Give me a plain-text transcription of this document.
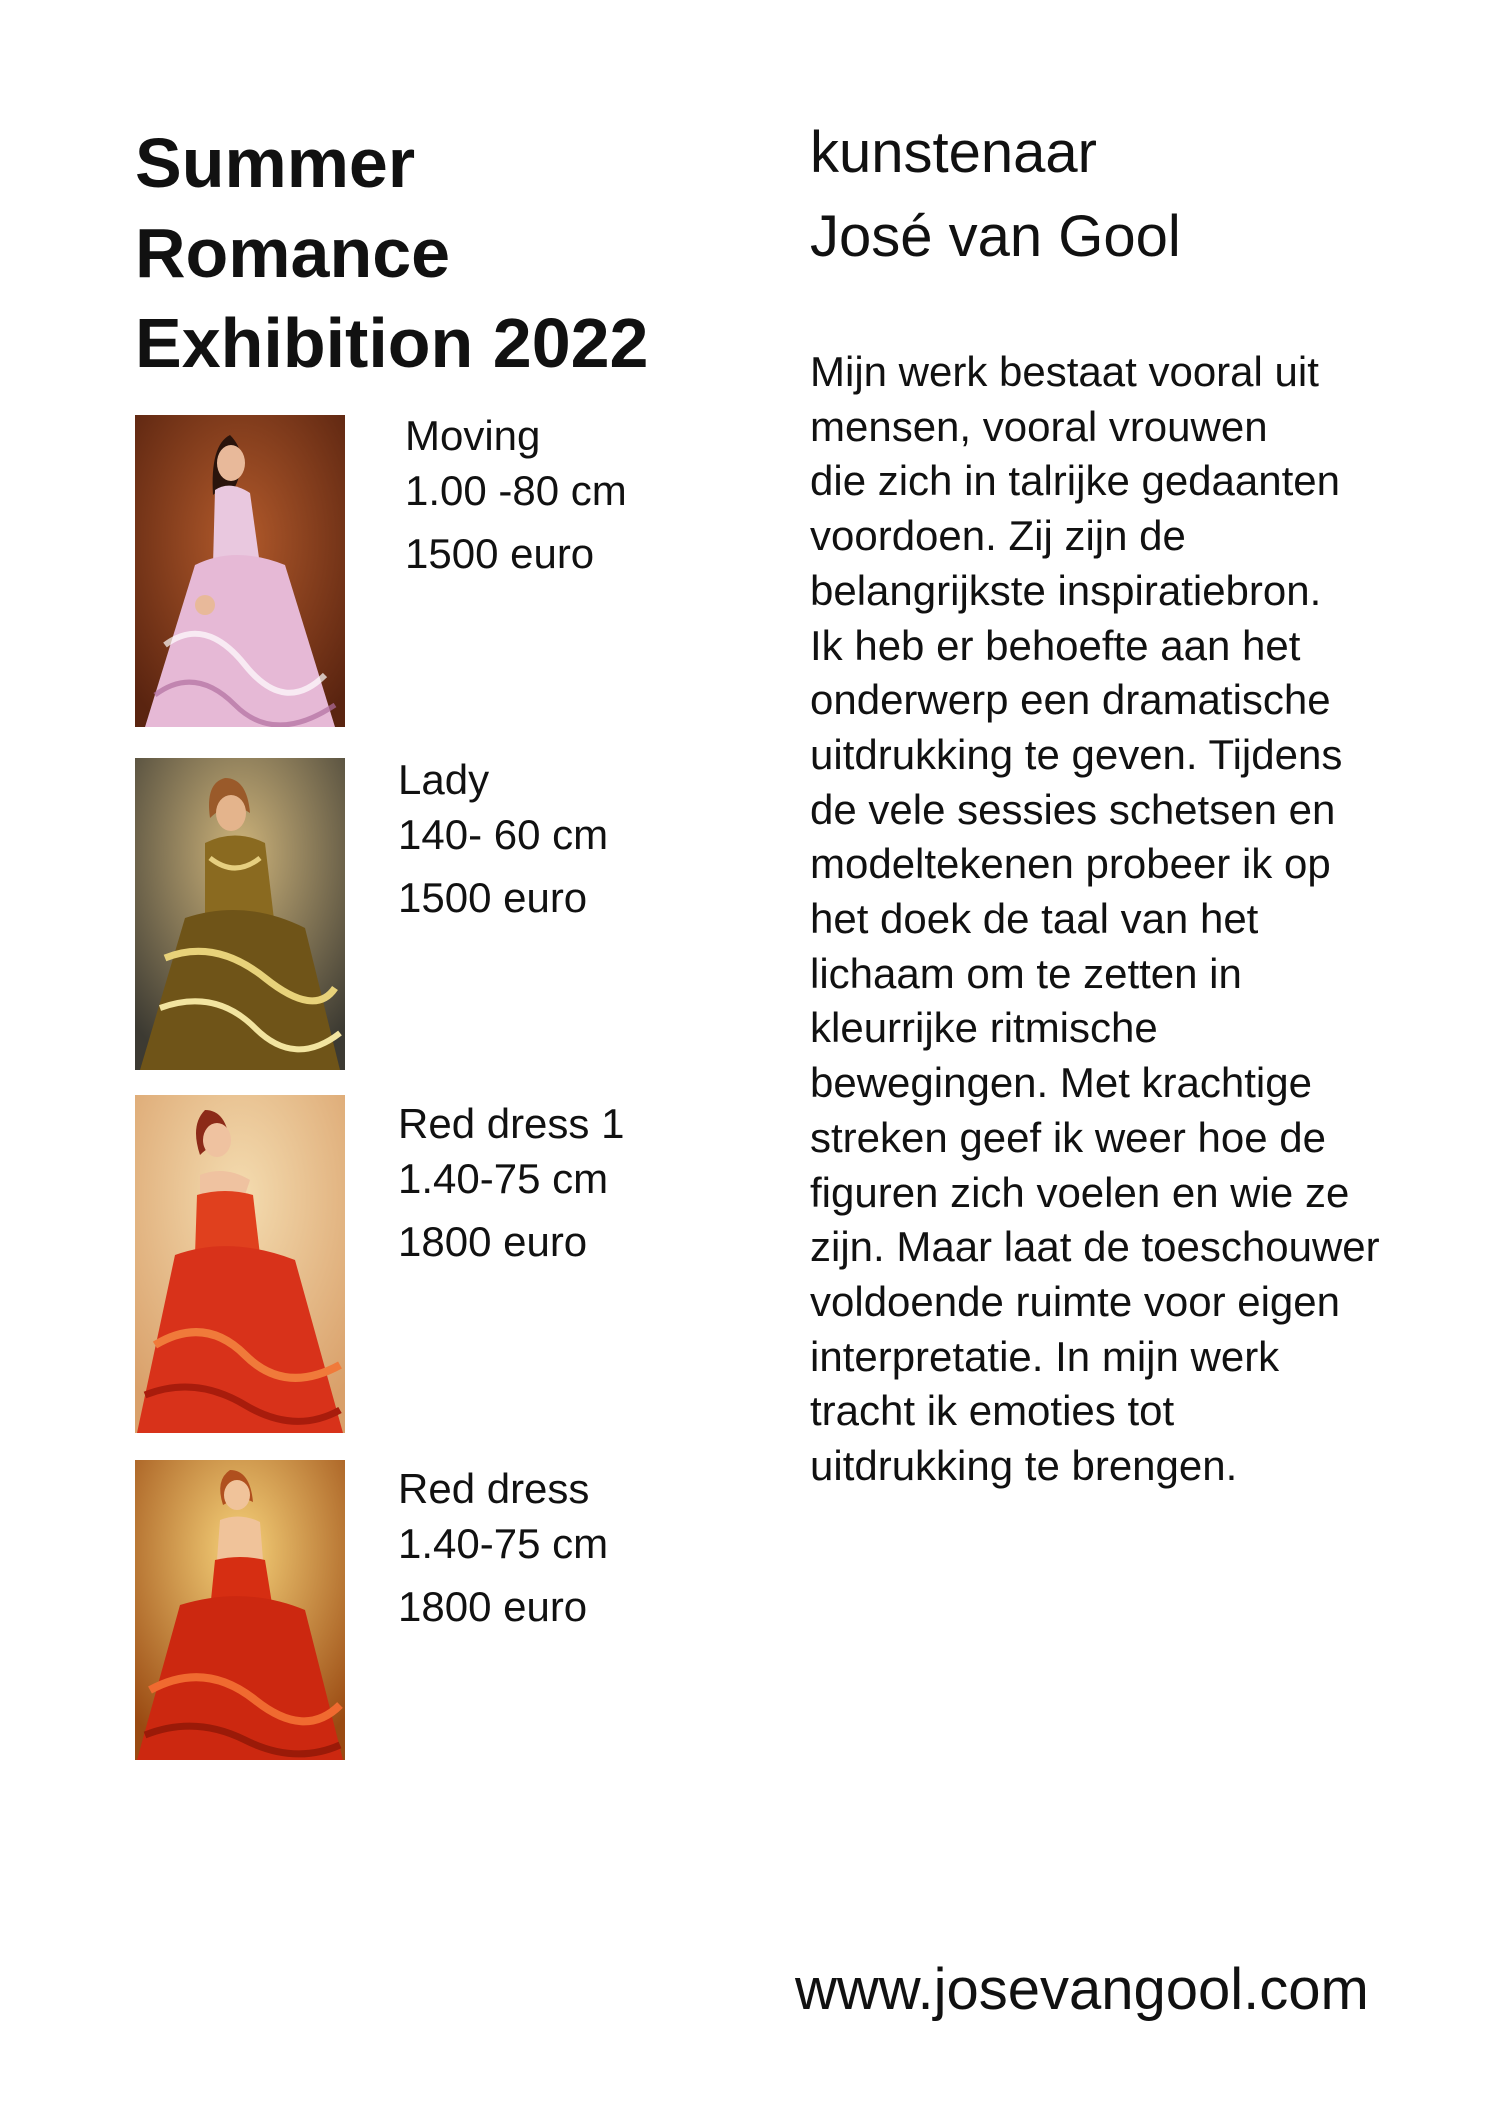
Summer
Romance
Exhibition 2022
kunstenaar
José van Gool
Mijn werk bestaat vooral uit
mensen, vooral vrouwen
die zich in talrijke gedaanten
voordoen. Zij zijn de
belangrijkste inspiratiebron.
Ik heb er behoefte aan het
onderwerp een dramatische
uitdrukking te geven. Tijdens
de vele sessies schetsen en
modeltekenen probeer ik op
het doek de taal van het
lichaam om te zetten in
kleurrijke ritmische
bewegingen. Met krachtige
streken geef ik weer hoe de
figuren zich voelen en wie ze
zijn. Maar laat de toeschouwer
voldoende ruimte voor eigen
interpretatie. In mijn werk
tracht ik emoties tot
uitdrukking te brengen.
Moving
1.00 -80 cm
1500 euro
Lady
140- 60 cm
1500 euro
Red dress 1
1.40-75 cm
1800 euro
Red dress
1.40-75 cm
1800 euro
www.josevangool.com
